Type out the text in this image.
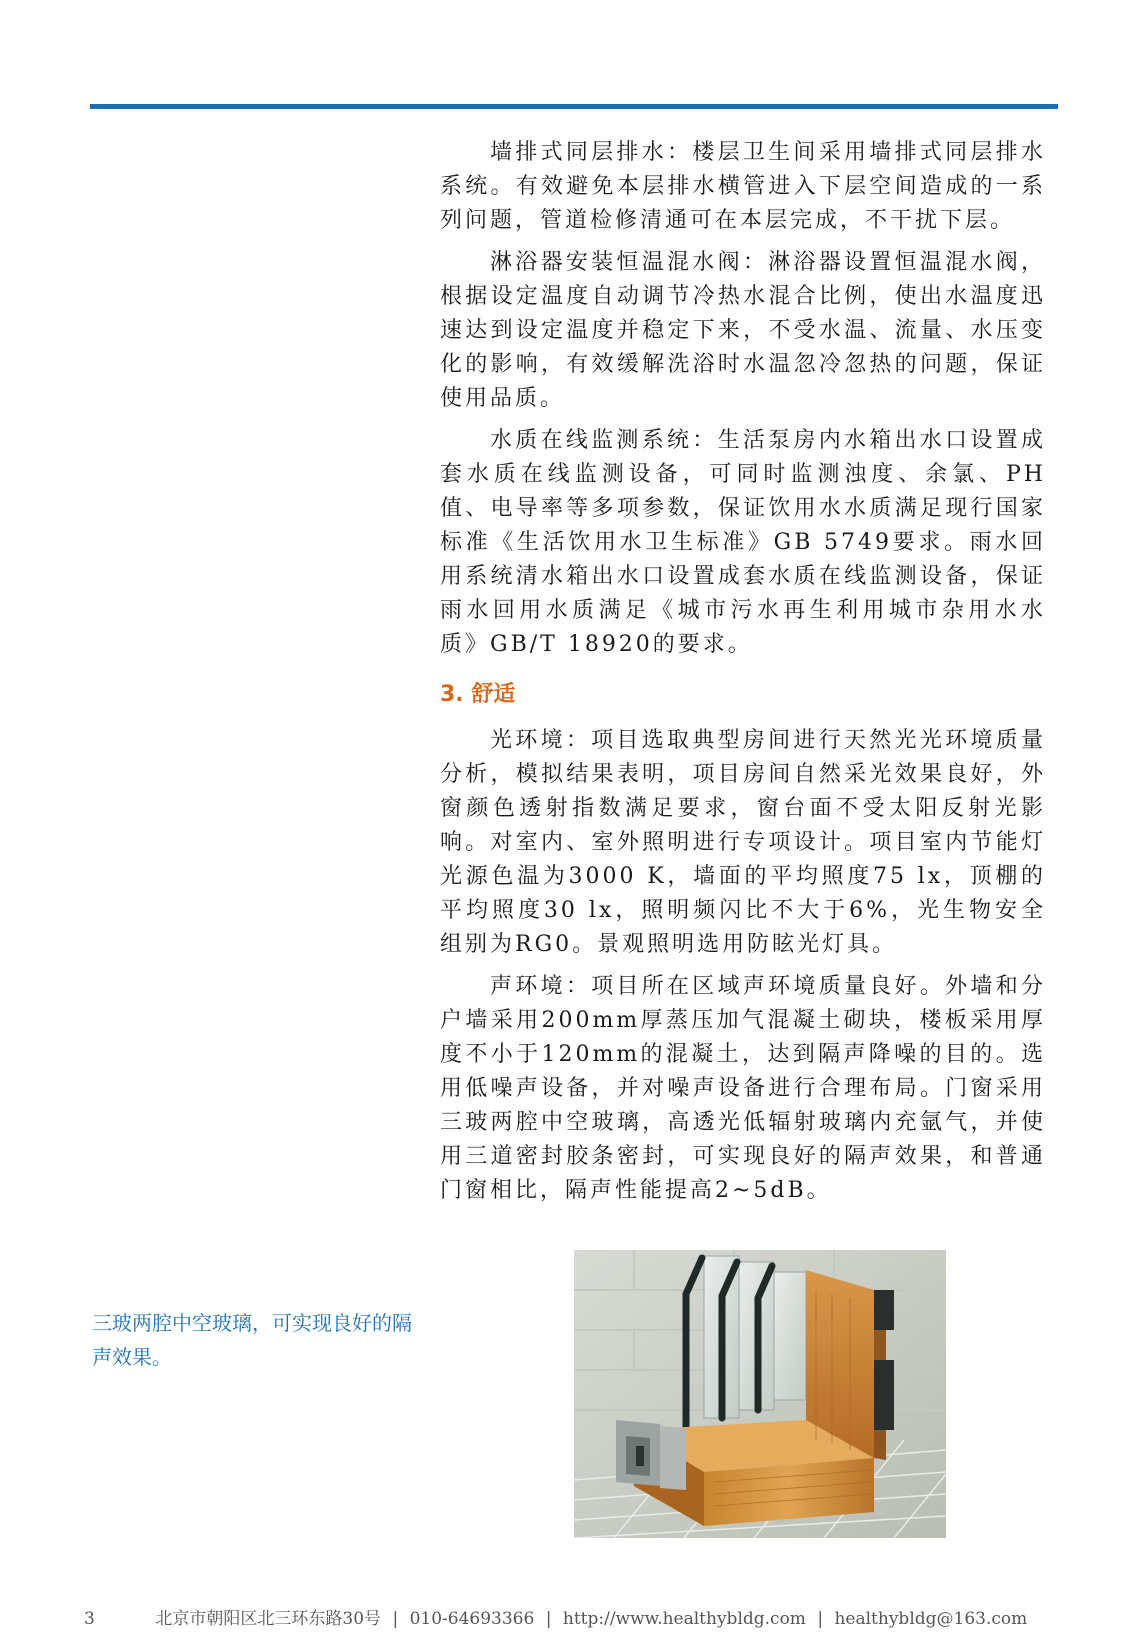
墙排式同层排水：楼层卫生间采用墙排式同层排水系统。有效避免本层排水横管进入下层空间造成的一系列问题，管道检修清通可在本层完成，不干扰下层。

淋浴器安装恒温混水阀：淋浴器设置恒温混水阀，根据设定温度自动调节冷热水混合比例，使出水温度迅速达到设定温度并稳定下来，不受水温、流量、水压变化的影响，有效缓解洗浴时水温忽冷忽热的问题，保证使用品质。

水质在线监测系统：生活泵房内水箱出水口设置成套水质在线监测设备，可同时监测浊度、余氯、PH值、电导率等多项参数，保证饮用水水质满足现行国家标准《生活饮用水卫生标准》GB 5749要求。雨水回用系统清水箱出水口设置成套水质在线监测设备，保证雨水回用水质满足《城市污水再生利用城市杂用水水质》GB/T 18920的要求。

3. 舒适

光环境：项目选取典型房间进行天然光光环境质量分析，模拟结果表明，项目房间自然采光效果良好，外窗颜色透射指数满足要求，窗台面不受太阳反射光影响。对室内、室外照明进行专项设计。项目室内节能灯光源色温为3000 K，墙面的平均照度75 lx，顶棚的平均照度30 lx，照明频闪比不大于6%，光生物安全组别为RG0。景观照明选用防眩光灯具。

声环境：项目所在区域声环境质量良好。外墙和分户墙采用200mm厚蒸压加气混凝土砌块，楼板采用厚度不小于120mm的混凝土，达到隔声降噪的目的。选用低噪声设备，并对噪声设备进行合理布局。门窗采用三玻两腔中空玻璃，高透光低辐射玻璃内充氩气，并使用三道密封胶条密封，可实现良好的隔声效果，和普通门窗相比，隔声性能提高2~5dB。

三玻两腔中空玻璃，可实现良好的隔声效果。
3	北京市朝阳区北三环东路30号 | 010-64693366 | http://www.healthybldg.com | healthybldg@163.com
